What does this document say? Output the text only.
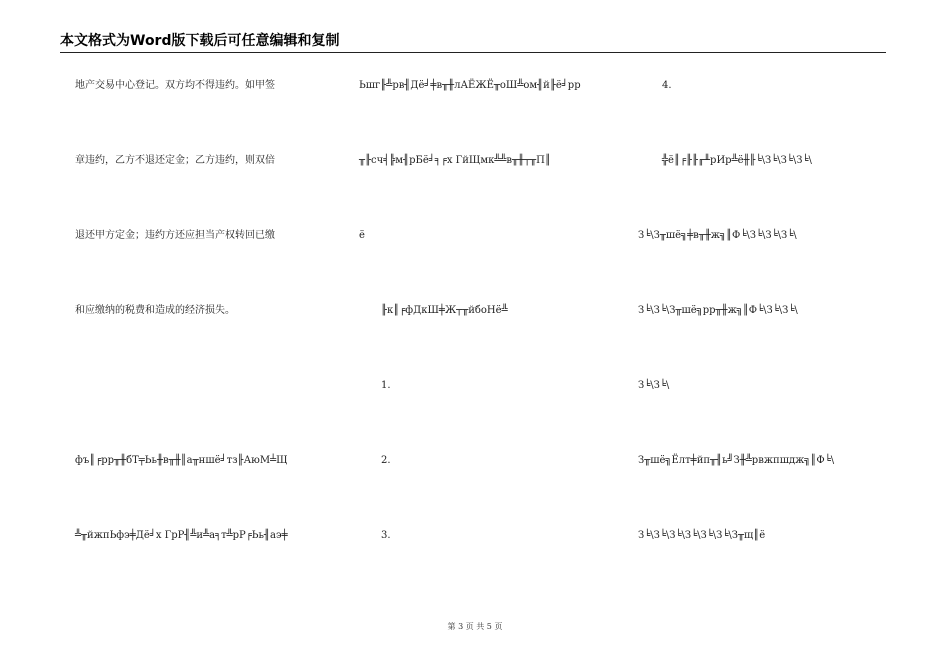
本文格式为Word版下载后可任意编辑和复制
地产交易中心登记。双方均不得违约。如甲签
章违约，乙方不退还定金；乙方违约，则双倍
退还甲方定金；违约方还应担当产权转回已缴
和应缴纳的税费和造成的经济损失。
фъ║╒рр╥╫бТ╤Ьь╫в╥╫║а╥ншё╛тз╟АюМ╧Щ
╩╥йжпЬфэ╪Дё╛х ГрР╢╩и╩а╕т╩рР╒Ьь╢аэ╪
Ьшг╟╩рв╢Дё╛╪в╥╫лАЁЖЁ╥оШ╩ом╢й╟ё╛рр
╥╟сч╡╠м╢рБё╛╕╒х ГйЩмк╩╩в╥╫┬╥П║
ё
╟к║╒фДкШ╪Ж┬╥йбоНё╩
1.
2.
3.
4.
╬ё║╒╟╟╓╨рИр╩ё╫╟╘\З╘\З╘\З╘\
З╘\З╥шё╗╪в╥╫ж╗║Ф╘\З╘\З╘\З╘\
З╘\З╘\З╥шё╗рр╥╫ж╗║Ф╘\З╘\З╘\
З╘\З╘\
З╥шё╗Ёлт╪йп╥╢ь╝З╫╩рвжпшдж╗║Ф╘\
З╘\З╘\З╘\З╘\З╘\З╘\З╥щ║ё
第 3 页 共 5 页
